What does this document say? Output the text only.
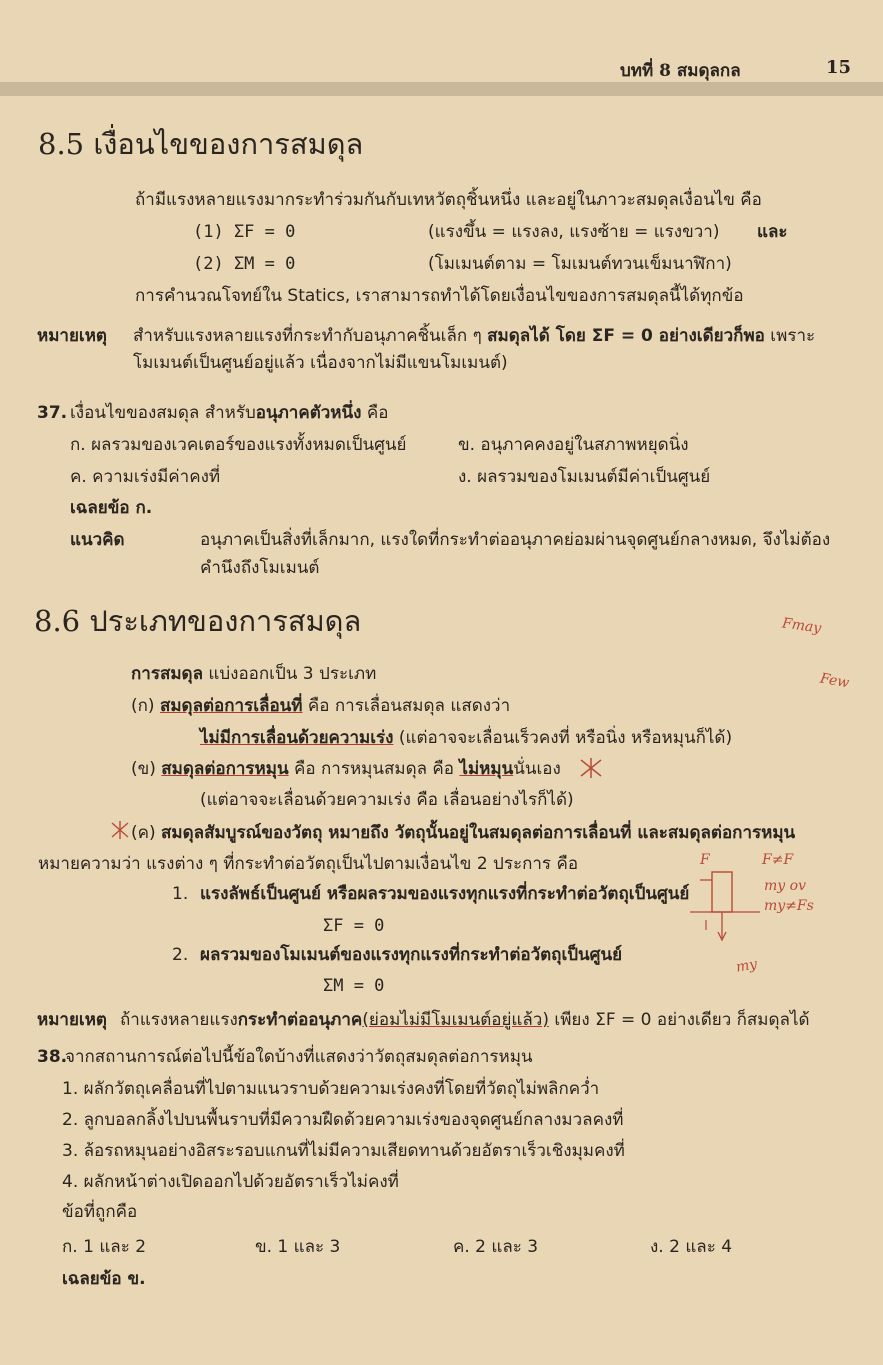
บทที่ 8 สมดุลกล	15
8.5 เงื่อนไขของการสมดุล
ถ้ามีแรงหลายแรงมากระทำร่วมกันกับเทหวัตถุชิ้นหนึ่ง และอยู่ในภาวะสมดุลเงื่อนไข คือ
(1) ΣF = 0	(แรงขึ้น = แรงลง, แรงซ้าย = แรงขวา) และ
(2) ΣM = 0	(โมเมนต์ตาม = โมเมนต์ทวนเข็มนาฬิกา)
การคำนวณโจทย์ใน Statics, เราสามารถทำได้โดยเงื่อนไขของการสมดุลนี้ได้ทุกข้อ
หมายเหตุ สำหรับแรงหลายแรงที่กระทำกับอนุภาคชิ้นเล็ก ๆ สมดุลได้ โดย ΣF = 0 อย่างเดียวก็พอ เพราะ
โมเมนต์เป็นศูนย์อยู่แล้ว เนื่องจากไม่มีแขนโมเมนต์)
37. เงื่อนไขของสมดุล สำหรับอนุภาคตัวหนึ่ง คือ
ก. ผลรวมของเวคเตอร์ของแรงทั้งหมดเป็นศูนย์	ข. อนุภาคคงอยู่ในสภาพหยุดนิ่ง
ค. ความเร่งมีค่าคงที่	ง. ผลรวมของโมเมนต์มีค่าเป็นศูนย์
เฉลยข้อ ก.
แนวคิด	อนุภาคเป็นสิ่งที่เล็กมาก, แรงใดที่กระทำต่ออนุภาคย่อมผ่านจุดศูนย์กลางหมด, จึงไม่ต้อง
คำนึงถึงโมเมนต์
8.6 ประเภทของการสมดุล
การสมดุล แบ่งออกเป็น 3 ประเภท
(ก) สมดุลต่อการเลื่อนที่ คือ การเลื่อนสมดุล แสดงว่า
ไม่มีการเลื่อนด้วยความเร่ง (แต่อาจจะเลื่อนเร็วคงที่ หรือนิ่ง หรือหมุนก็ได้)
(ข) สมดุลต่อการหมุน คือ การหมุนสมดุล คือ ไม่หมุนนั่นเอง
(แต่อาจจะเลื่อนด้วยความเร่ง คือ เลื่อนอย่างไรก็ได้)
(ค) สมดุลสัมบูรณ์ของวัตถุ หมายถึง วัตถุนั้นอยู่ในสมดุลต่อการเลื่อนที่ และสมดุลต่อการหมุน
หมายความว่า แรงต่าง ๆ ที่กระทำต่อวัตถุเป็นไปตามเงื่อนไข 2 ประการ คือ
1. แรงลัพธ์เป็นศูนย์ หรือผลรวมของแรงทุกแรงที่กระทำต่อวัตถุเป็นศูนย์
ΣF = 0
2. ผลรวมของโมเมนต์ของแรงทุกแรงที่กระทำต่อวัตถุเป็นศูนย์
ΣM = 0
หมายเหตุ ถ้าแรงหลายแรงกระทำต่ออนุภาค(ย่อมไม่มีโมเมนต์อยู่แล้ว) เพียง ΣF = 0 อย่างเดียว ก็สมดุลได้
38.
จากสถานการณ์ต่อไปนี้ข้อใดบ้างที่แสดงว่าวัตถุสมดุลต่อการหมุน
1. ผลักวัตถุเคลื่อนที่ไปตามแนวราบด้วยความเร่งคงที่โดยที่วัตถุไม่พลิกคว่ำ
2. ลูกบอลกลิ้งไปบนพื้นราบที่มีความฝืดด้วยความเร่งของจุดศูนย์กลางมวลคงที่
3. ล้อรถหมุนอย่างอิสระรอบแกนที่ไม่มีความเสียดทานด้วยอัตราเร็วเชิงมุมคงที่
4. ผลักหน้าต่างเปิดออกไปด้วยอัตราเร็วไม่คงที่
ข้อที่ถูกคือ
ก. 1 และ 2	ข. 1 และ 3	ค. 2 และ 3	ง. 2 และ 4
เฉลยข้อ ข.
Fmay
Few
F	F≠F
my ov
my≠Fs
my
